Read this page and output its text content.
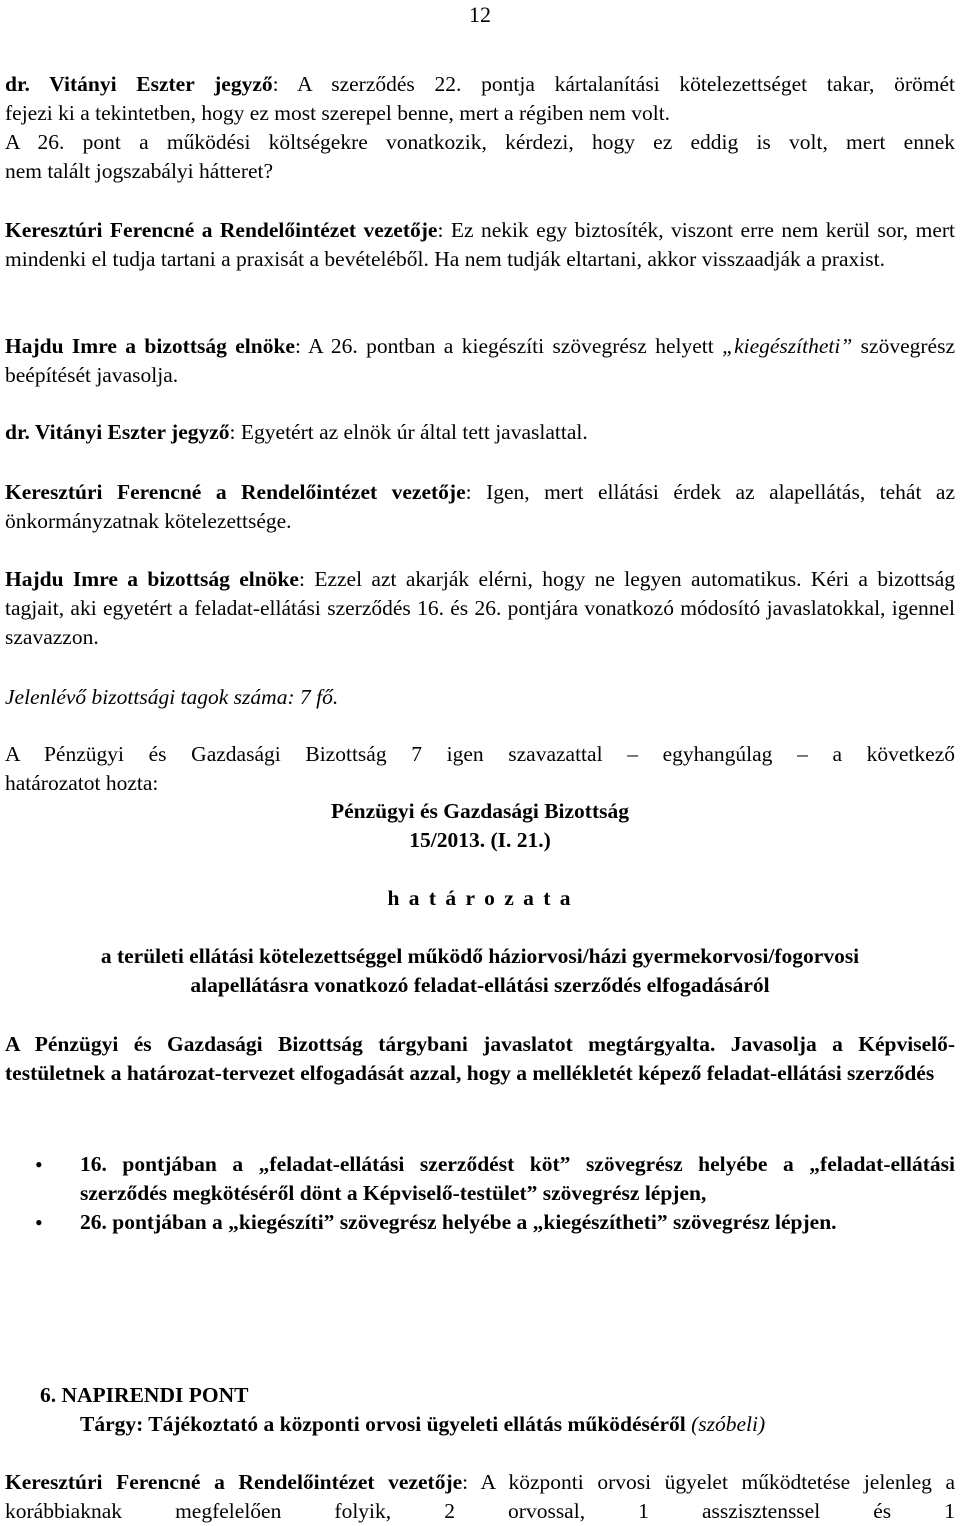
12
dr. Vitányi Eszter jegyző: A szerződés 22. pontja kártalanítási kötelezettséget takar, örömét
fejezi ki a tekintetben, hogy ez most szerepel benne, mert a régiben nem volt.
A 26. pont a működési költségekre vonatkozik, kérdezi, hogy ez eddig is volt, mert ennek
nem talált jogszabályi hátteret?
Keresztúri Ferencné a Rendelőintézet vezetője: Ez nekik egy biztosíték, viszont erre nem kerül sor, mert mindenki el tudja tartani a praxisát a bevételéből. Ha nem tudják eltartani, akkor visszaadják a praxist.
Hajdu Imre a bizottság elnöke: A 26. pontban a kiegészíti szövegrész helyett „kiegészítheti” szövegrész beépítését javasolja.
dr. Vitányi Eszter jegyző: Egyetért az elnök úr által tett javaslattal.
Keresztúri Ferencné a Rendelőintézet vezetője: Igen, mert ellátási érdek az alapellátás, tehát az önkormányzatnak kötelezettsége.
Hajdu Imre a bizottság elnöke: Ezzel azt akarják elérni, hogy ne legyen automatikus. Kéri a bizottság tagjait, aki egyetért a feladat-ellátási szerződés 16. és 26. pontjára vonatkozó módosító javaslatokkal, igennel szavazzon.
Jelenlévő bizottsági tagok száma: 7 fő.
A Pénzügyi és Gazdasági Bizottság 7 igen szavazattal – egyhangúlag – a következő
határozatot hozta:
Pénzügyi és Gazdasági Bizottság
15/2013. (I. 21.)
h a t á r o z a t a
a területi ellátási kötelezettséggel működő háziorvosi/házi gyermekorvosi/fogorvosi
alapellátásra vonatkozó feladat-ellátási szerződés elfogadásáról
A Pénzügyi és Gazdasági Bizottság tárgybani javaslatot megtárgyalta. Javasolja a Képviselő-testületnek a határozat-tervezet elfogadását azzal, hogy a mellékletét képező feladat-ellátási szerződés
• 16. pontjában a „feladat-ellátási szerződést köt” szövegrész helyébe a „feladat-ellátási szerződés megkötéséről dönt a Képviselő-testület” szövegrész lépjen,
• 26. pontjában a „kiegészíti” szövegrész helyébe a „kiegészítheti” szövegrész lépjen.
6. NAPIRENDI PONT
Tárgy: Tájékoztató a központi orvosi ügyeleti ellátás működéséről (szóbeli)
Keresztúri Ferencné a Rendelőintézet vezetője: A központi orvosi ügyelet működtetése jelenleg a korábbiaknak megfelelően folyik, 2 orvossal, 1 asszisztenssel és 1
